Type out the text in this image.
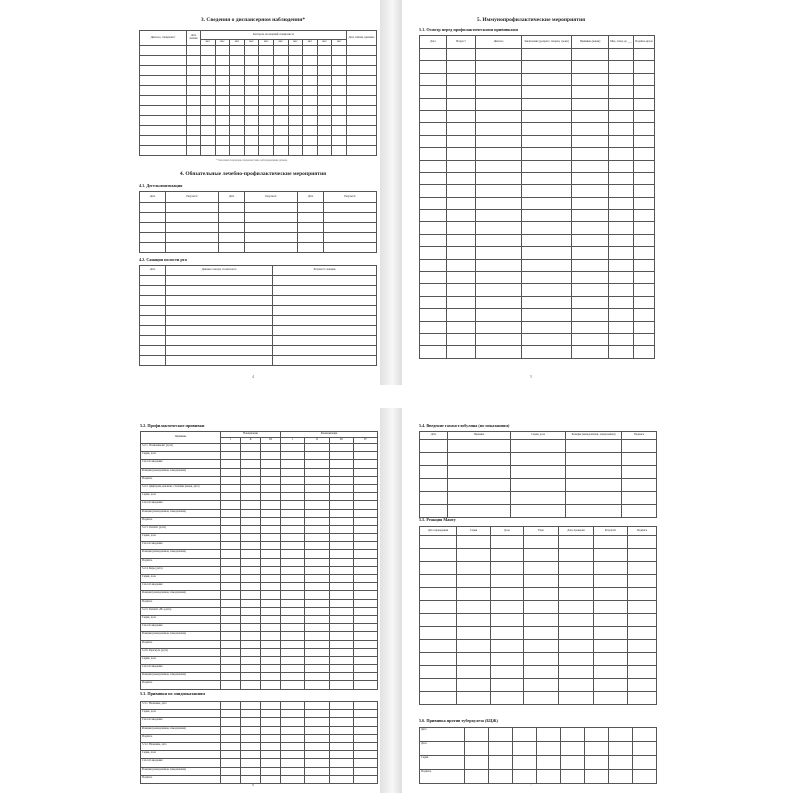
3. Сведения о диспансерном наблюдении*
Диагноз, специалист	Дата взятия	Контроль посещений специалиста										Дата снятия, причина
		мес	мес	мес	мес	мес	мес	мес	мес	мес	мес	

* Заполняется врачами-специалистами, наблюдающими ребенка
4. Обязательные лечебно-профилактические мероприятия
4.1. Дегельминтизация
Дата	Результат	Дата	Результат	Дата	Результат

4.2. Санация полости рта
Дата	Данные осмотра стоматолога	Результат санации

4
5. Иммунопрофилактические мероприятия
5.1. Осмотр перед профилактическими прививками
Дата	Возраст	Диагноз	Заключение (разреш./ запрещ. сроки)	Прививка (какая)	Мед. отвод до ___	Подпись врача

5
5.2. Профилактические прививки
Прививка	Вакцинация			Ревакцинация			
	I	II	III	I	II	III	IV
5.2.1. Полиомиелит (дата)							
Серия, доза							
Способ введения							
Реакция (немедленная, замедленная)							
Подпись							
5.2.2. Дифтерия, коклюш, столбняк (какая, дата)							
Серия, доза							
Способ введения							
Реакция (немедленная, замедленная)							
Подпись							
5.2.3. Гепатит (дата)							
Серия, доза							
Способ введения							
Реакция (немедленная, замедленная)							
Подпись							
5.2.4. Корь (дата)							
Серия, доза							
Способ введения							
Реакция (немедленная, замедленная)							
Подпись							
5.2.5. Гепатит «В» (дата)							
Серия, доза							
Способ введения							
Реакция (немедленная, замедленная)							
Подпись							
5.2.6. Краснуха (дата)							
Серия, доза							
Способ введения							
Реакция (немедленная, замедленная)							
Подпись							
5.3. Прививки по эпидпоказаниям
5.3.1. Название, дата							
Серия, доза							
Способ введения							
Реакция (немедленная, замедленная)							
Подпись							
5.3.2. Название, дата							
Серия, доза							
Способ введения							
Реакция (немедленная, замедленная)							
Подпись							
6
5.4. Введение гамма-глобулина (по показаниям)
Дата	Причина	Серия, доза	Реакция (немедленная, замедленная)	Подпись

5.5. Реакция Манту
Дата проведения	Серия	Доза	Рука	Дата проверки	Результат	Подпись

5.6. Прививка против туберкулеза (БЦЖ)
Дата								
Доза								
Серия								
Подпись								
7
